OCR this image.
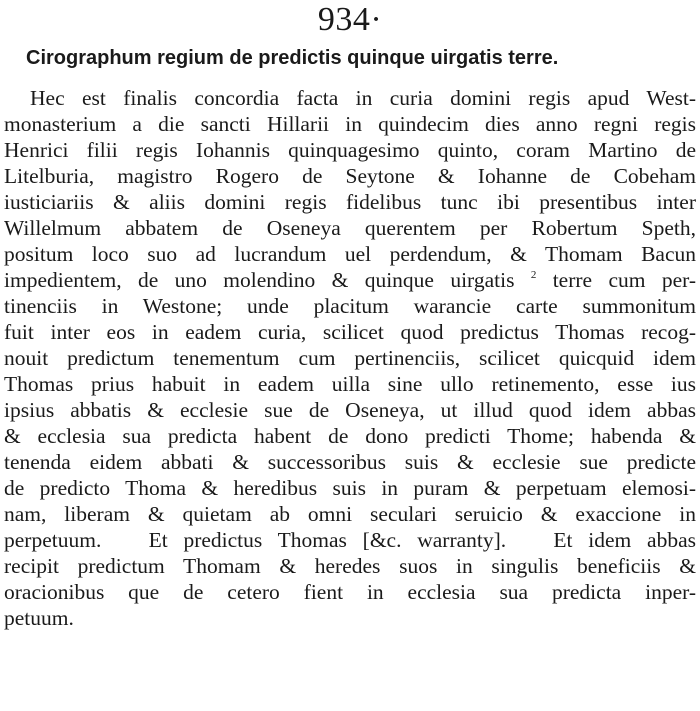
934·
Cirographum regium de predictis quinque uirgatis terre.
Hec est finalis concordia facta in curia domini regis apud West-
monasterium a die sancti Hillarii in quindecim dies anno regni regis
Henrici filii regis Iohannis quinquagesimo quinto, coram Martino de
Litelburia, magistro Rogero de Seytone & Iohanne de Cobeham
iusticiariis & aliis domini regis fidelibus tunc ibi presentibus inter
Willelmum abbatem de Oseneya querentem per Robertum Speth,
positum loco suo ad lucrandum uel perdendum, & Thomam Bacun
impedientem, de uno molendino & quinque uirgatis $^2$ terre cum per-
tinenciis in Westone; unde placitum warancie carte summonitum
fuit inter eos in eadem curia, scilicet quod predictus Thomas recog-
nouit predictum tenementum cum pertinenciis, scilicet quicquid idem
Thomas prius habuit in eadem uilla sine ullo retinemento, esse ius
ipsius abbatis & ecclesie sue de Oseneya, ut illud quod idem abbas
& ecclesia sua predicta habent de dono predicti Thome; habenda &
tenenda eidem abbati & successoribus suis & ecclesie sue predicte
de predicto Thoma & heredibus suis in puram & perpetuam elemosi-
nam, liberam & quietam ab omni seculari seruicio & exaccione in
perpetuum.   Et predictus Thomas [&c. warranty].   Et idem abbas
recipit predictum Thomam & heredes suos in singulis beneficiis &
oracionibus que de cetero fient in ecclesia sua predicta inper-
petuum.
